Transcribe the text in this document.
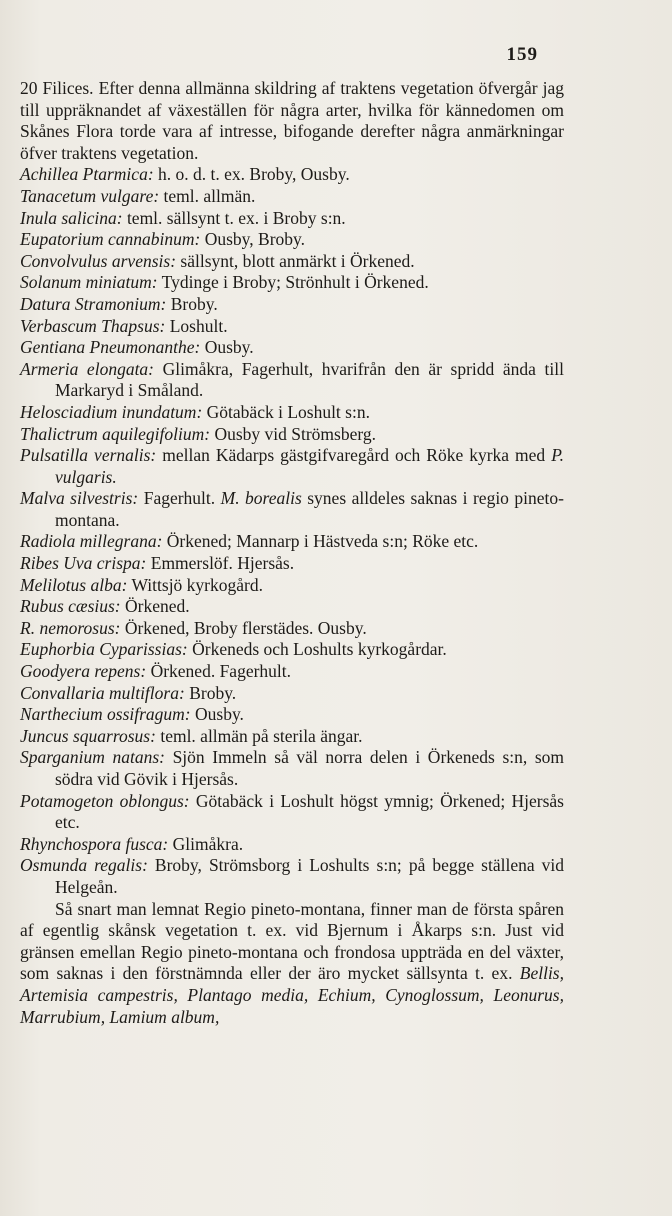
159

20 Filices. Efter denna allmänna skildring af traktens vegetation öfvergår jag till uppräknandet af växeställen för några arter, hvilka för kännedomen om Skånes Flora torde vara af intresse, bifogande derefter några anmärkningar öfver traktens vegetation.

Achillea Ptarmica: h. o. d. t. ex. Broby, Ousby.

Tanacetum vulgare: teml. allmän.

Inula salicina: teml. sällsynt t. ex. i Broby s:n.

Eupatorium cannabinum: Ousby, Broby.

Convolvulus arvensis: sällsynt, blott anmärkt i Örkened.

Solanum miniatum: Tydinge i Broby; Strönhult i Örkened.

Datura Stramonium: Broby.

Verbascum Thapsus: Loshult.

Gentiana Pneumonanthe: Ousby.

Armeria elongata: Glimåkra, Fagerhult, hvarifrån den är spridd ända till Markaryd i Småland.

Helosciadium inundatum: Götabäck i Loshult s:n.

Thalictrum aquilegifolium: Ousby vid Strömsberg.

Pulsatilla vernalis: mellan Kädarps gästgifvaregård och Röke kyrka med P. vulgaris.

Malva silvestris: Fagerhult. M. borealis synes alldeles saknas i regio pineto-montana.

Radiola millegrana: Örkened; Mannarp i Hästveda s:n; Röke etc.

Ribes Uva crispa: Emmerslöf. Hjersås.

Melilotus alba: Wittsjö kyrkogård.

Rubus cæsius: Örkened.

R. nemorosus: Örkened, Broby flerstädes. Ousby.

Euphorbia Cyparissias: Örkeneds och Loshults kyrkogårdar.

Goodyera repens: Örkened. Fagerhult.

Convallaria multiflora: Broby.

Narthecium ossifragum: Ousby.

Juncus squarrosus: teml. allmän på sterila ängar.

Sparganium natans: Sjön Immeln så väl norra delen i Örkeneds s:n, som södra vid Gövik i Hjersås.

Potamogeton oblongus: Götabäck i Loshult högst ymnig; Örkened; Hjersås etc.

Rhynchospora fusca: Glimåkra.

Osmunda regalis: Broby, Strömsborg i Loshults s:n; på begge ställena vid Helgeån.

Så snart man lemnat Regio pineto-montana, finner man de första spåren af egentlig skånsk vegetation t. ex. vid Bjernum i Åkarps s:n. Just vid gränsen emellan Regio pineto-montana och frondosa uppträda en del växter, som saknas i den förstnämnda eller der äro mycket sällsynta t. ex. Bellis, Artemisia campestris, Plantago media, Echium, Cynoglossum, Leonurus, Marrubium, Lamium album,
